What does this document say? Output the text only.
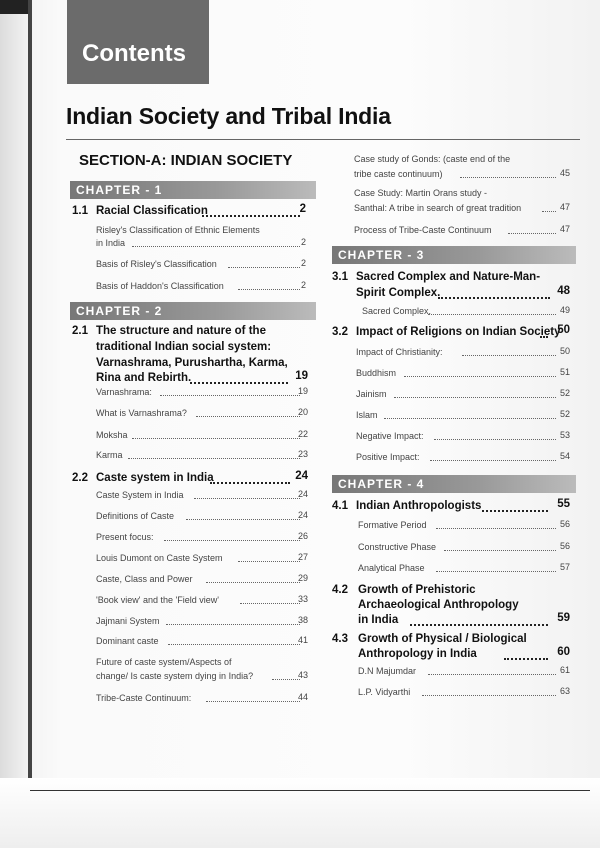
Contents
Indian Society and Tribal India
SECTION-A: INDIAN SOCIETY
CHAPTER - 1
1.1 Racial Classification	2
Risley's Classification of Ethnic Elements
in India	2
Basis of Risley's Classification	2
Basis of Haddon's Classification	2
CHAPTER - 2
2.1 The structure and nature of the
traditional Indian social system:
Varnashrama, Purushartha, Karma,
Rina and Rebirth.	19
Varnashrama:	19
What is Varnashrama?	20
Moksha	22
Karma	23
2.2 Caste system in India	24
Caste System in India	24
Definitions of Caste	24
Present focus:	26
Louis Dumont on Caste System	27
Caste, Class and Power	29
'Book view' and the 'Field view'	33
Jajmani System	38
Dominant caste	41
Future of caste system/Aspects of
change/ Is caste system dying in India?	43
Tribe-Caste Continuum:	44
Case study of Gonds: (caste end of the
tribe caste continuum)	45
Case Study: Martin Orans study -
Santhal: A tribe in search of great tradition	47
Process of Tribe-Caste Continuum	47
CHAPTER - 3
3.1 Sacred Complex and Nature-Man-
Spirit Complex.	48
Sacred Complex.	49
3.2 Impact of Religions on Indian Society
50
Impact of Christianity:	50
Buddhism	51
Jainism	52
Islam	52
Negative Impact:	53
Positive Impact:	54
CHAPTER - 4
4.1 Indian Anthropologists	55
Formative Period	56
Constructive Phase	56
Analytical Phase	57
4.2 Growth of Prehistoric
Archaeological Anthropology
in India	59
4.3 Growth of Physical / Biological
Anthropology in India	60
D.N Majumdar	61
L.P. Vidyarthi	63
